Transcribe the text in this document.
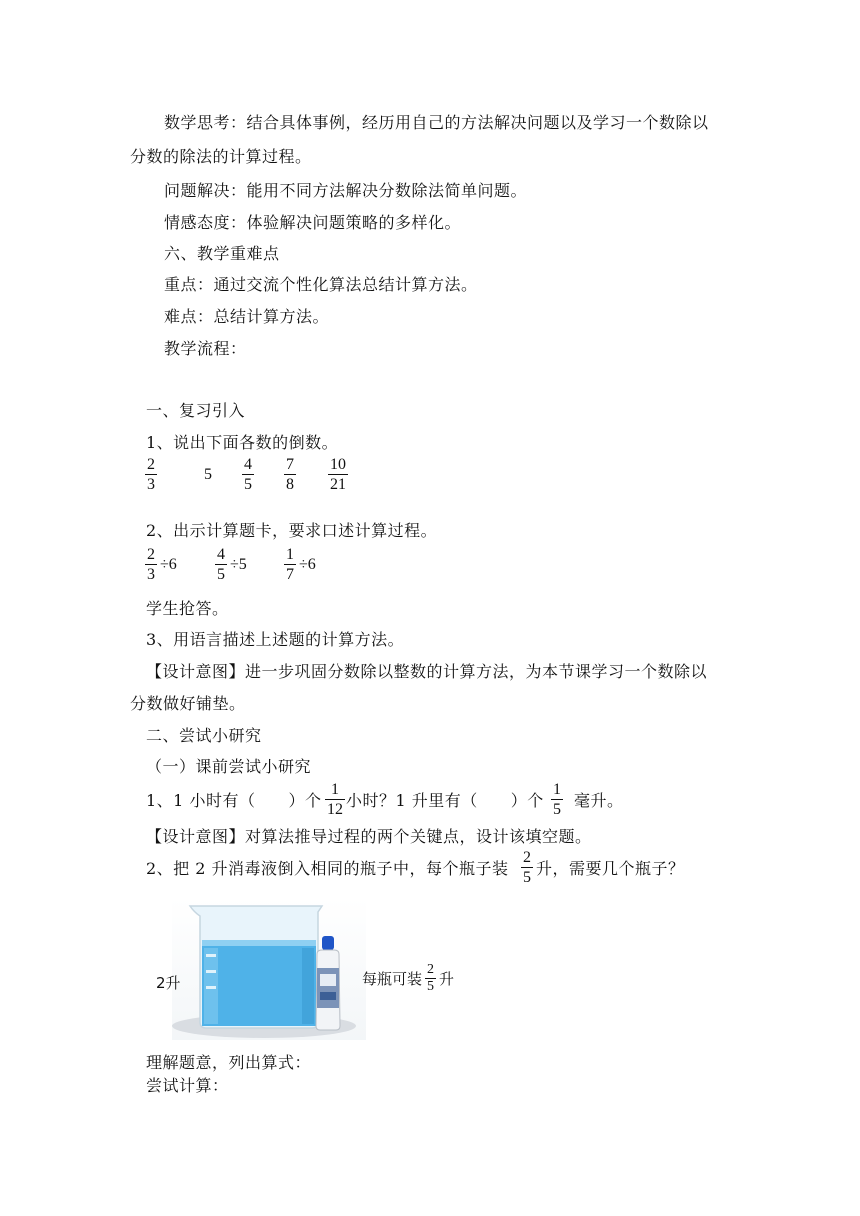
数学思考：结合具体事例，经历用自己的方法解决问题以及学习一个数除以
分数的除法的计算过程。
问题解决：能用不同方法解决分数除法简单问题。
情感态度：体验解决问题策略的多样化。
六、教学重难点
重点：通过交流个性化算法总结计算方法。
难点：总结计算方法。
教学流程：
一、复习引入
1、说出下面各数的倒数。
$\frac{2}{3}$	$5 \frac{4}{5} \frac{7}{8} \frac{10}{21}$
2、出示计算题卡，要求口述计算过程。
$\frac{2}{3} \div 6 \frac{4}{5} \div 5 \frac{1}{7} \div 6$
学生抢答。
3、用语言描述上述题的计算方法。
【设计意图】进一步巩固分数除以整数的计算方法，为本节课学习一个数除以
分数做好铺垫。
二、尝试小研究
（一）课前尝试小研究
1、1 小时有（　　）个 $\frac{1}{12}$ 小时？1 升里有（　　）个 $\frac{1}{5}$ 毫升。
【设计意图】对算法推导过程的两个关键点，设计该填空题。
2、把 2 升消毒液倒入相同的瓶子中，每个瓶子装 $\frac{2}{5}$ 升，需要几个瓶子？
2升	每瓶可装 $\frac{2}{5}$ 升
理解题意，列出算式：
尝试计算：
